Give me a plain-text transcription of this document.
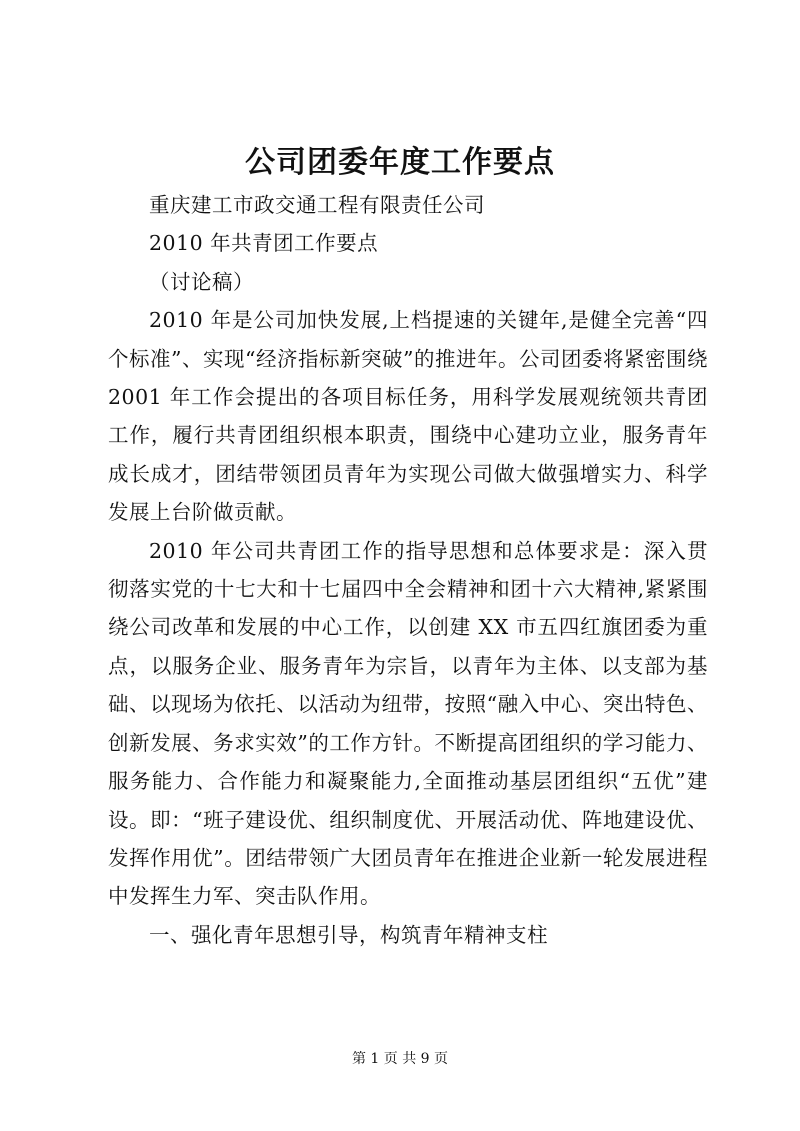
公司团委年度工作要点

重庆建工市政交通工程有限责任公司

2010 年共青团工作要点

（讨论稿）

2010 年是公司加快发展,上档提速的关键年,是健全完善“四个标准”、实现“经济指标新突破”的推进年。公司团委将紧密围绕 2001 年工作会提出的各项目标任务，用科学发展观统领共青团工作，履行共青团组织根本职责，围绕中心建功立业，服务青年成长成才，团结带领团员青年为实现公司做大做强增实力、科学发展上台阶做贡献。

2010 年公司共青团工作的指导思想和总体要求是：深入贯彻落实党的十七大和十七届四中全会精神和团十六大精神,紧紧围绕公司改革和发展的中心工作，以创建 XX 市五四红旗团委为重点，以服务企业、服务青年为宗旨，以青年为主体、以支部为基础、以现场为依托、以活动为纽带，按照“融入中心、突出特色、创新发展、务求实效”的工作方针。不断提高团组织的学习能力、服务能力、合作能力和凝聚能力,全面推动基层团组织“五优”建设。即：“班子建设优、组织制度优、开展活动优、阵地建设优、发挥作用优”。团结带领广大团员青年在推进企业新一轮发展进程中发挥生力军、突击队作用。

一、强化青年思想引导，构筑青年精神支柱

第 1 页 共 9 页
